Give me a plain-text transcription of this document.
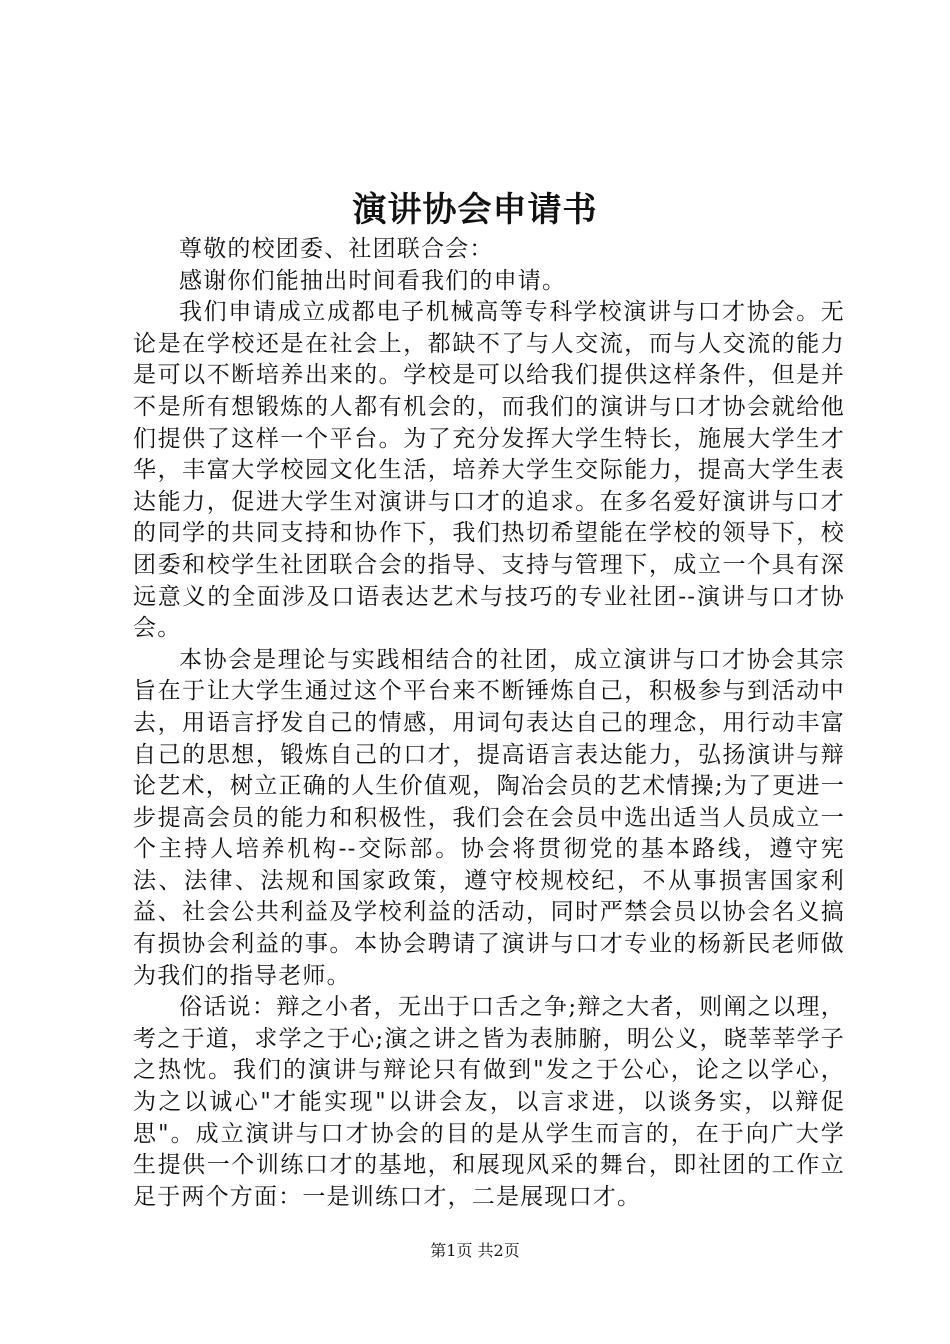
演讲协会申请书

尊敬的校团委、社团联合会：

感谢你们能抽出时间看我们的申请。

我们申请成立成都电子机械高等专科学校演讲与口才协会。无论是在学校还是在社会上，都缺不了与人交流，而与人交流的能力是可以不断培养出来的。学校是可以给我们提供这样条件，但是并不是所有想锻炼的人都有机会的，而我们的演讲与口才协会就给他们提供了这样一个平台。为了充分发挥大学生特长，施展大学生才华，丰富大学校园文化生活，培养大学生交际能力，提高大学生表达能力，促进大学生对演讲与口才的追求。在多名爱好演讲与口才的同学的共同支持和协作下，我们热切希望能在学校的领导下，校团委和校学生社团联合会的指导、支持与管理下，成立一个具有深远意义的全面涉及口语表达艺术与技巧的专业社团--演讲与口才协会。

本协会是理论与实践相结合的社团，成立演讲与口才协会其宗旨在于让大学生通过这个平台来不断锤炼自己，积极参与到活动中去，用语言抒发自己的情感，用词句表达自己的理念，用行动丰富自己的思想，锻炼自己的口才，提高语言表达能力，弘扬演讲与辩论艺术，树立正确的人生价值观，陶冶会员的艺术情操;为了更进一步提高会员的能力和积极性，我们会在会员中选出适当人员成立一个主持人培养机构--交际部。协会将贯彻党的基本路线，遵守宪法、法律、法规和国家政策，遵守校规校纪，不从事损害国家利益、社会公共利益及学校利益的活动，同时严禁会员以协会名义搞有损协会利益的事。本协会聘请了演讲与口才专业的杨新民老师做为我们的指导老师。

俗话说：辩之小者，无出于口舌之争;辩之大者，则阐之以理，考之于道，求学之于心;演之讲之皆为表肺腑，明公义，晓莘莘学子之热忱。我们的演讲与辩论只有做到"发之于公心，论之以学心，为之以诚心"才能实现"以讲会友，以言求进，以谈务实，以辩促思"。成立演讲与口才协会的目的是从学生而言的，在于向广大学生提供一个训练口才的基地，和展现风采的舞台，即社团的工作立足于两个方面：一是训练口才，二是展现口才。

第1页 共2页
